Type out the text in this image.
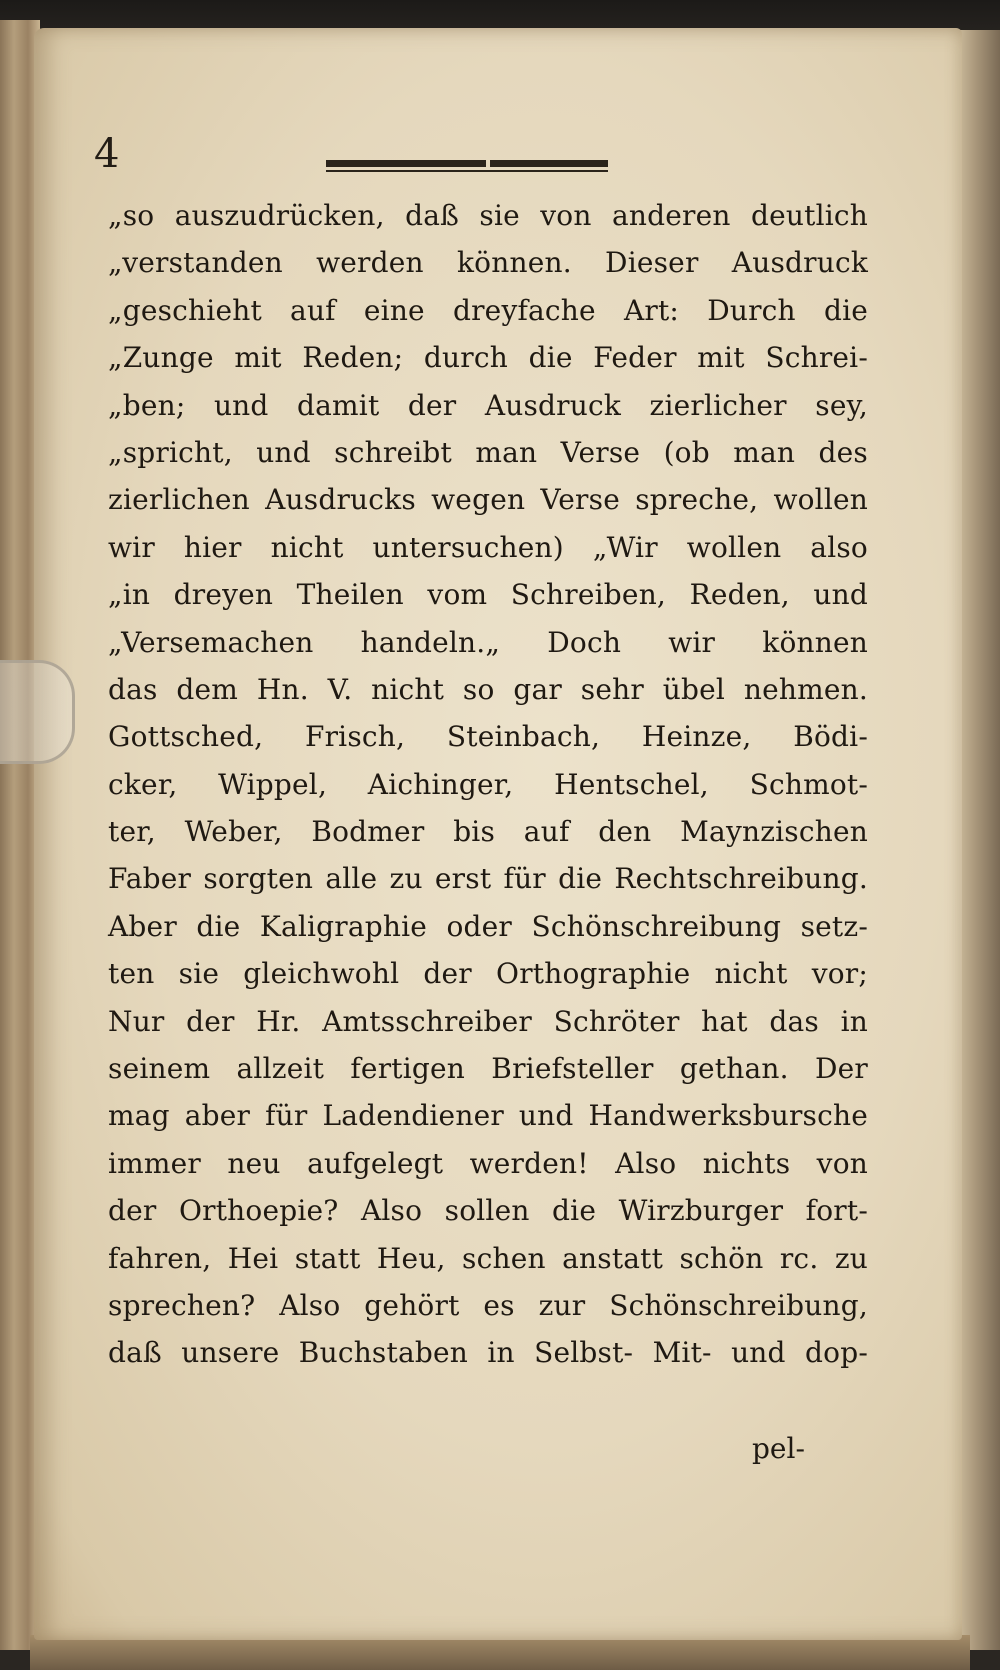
4
„so auszudrücken, daß sie von anderen deutlich
„verstanden werden können. Dieser Ausdruck
„geschieht auf eine dreyfache Art: Durch die
„Zunge mit Reden; durch die Feder mit Schrei-
„ben; und damit der Ausdruck zierlicher sey,
„spricht, und schreibt man Verse (ob man des
zierlichen Ausdrucks wegen Verse spreche, wollen
wir hier nicht untersuchen) „Wir wollen also
„in dreyen Theilen vom Schreiben, Reden, und
„Versemachen handeln.„ Doch wir können
das dem Hn. V. nicht so gar sehr übel nehmen.
Gottsched, Frisch, Steinbach, Heinze, Bödi-
cker, Wippel, Aichinger, Hentschel, Schmot-
ter, Weber, Bodmer bis auf den Maynzischen
Faber sorgten alle zu erst für die Rechtschreibung.
Aber die Kaligraphie oder Schönschreibung setz-
ten sie gleichwohl der Orthographie nicht vor;
Nur der Hr. Amtsschreiber Schröter hat das in
seinem allzeit fertigen Briefsteller gethan. Der
mag aber für Ladendiener und Handwerksbursche
immer neu aufgelegt werden! Also nichts von
der Orthoepie? Also sollen die Wirzburger fort-
fahren, Hei statt Heu, schen anstatt schön rc. zu
sprechen? Also gehört es zur Schönschreibung,
daß unsere Buchstaben in Selbst- Mit- und dop-
pel-
